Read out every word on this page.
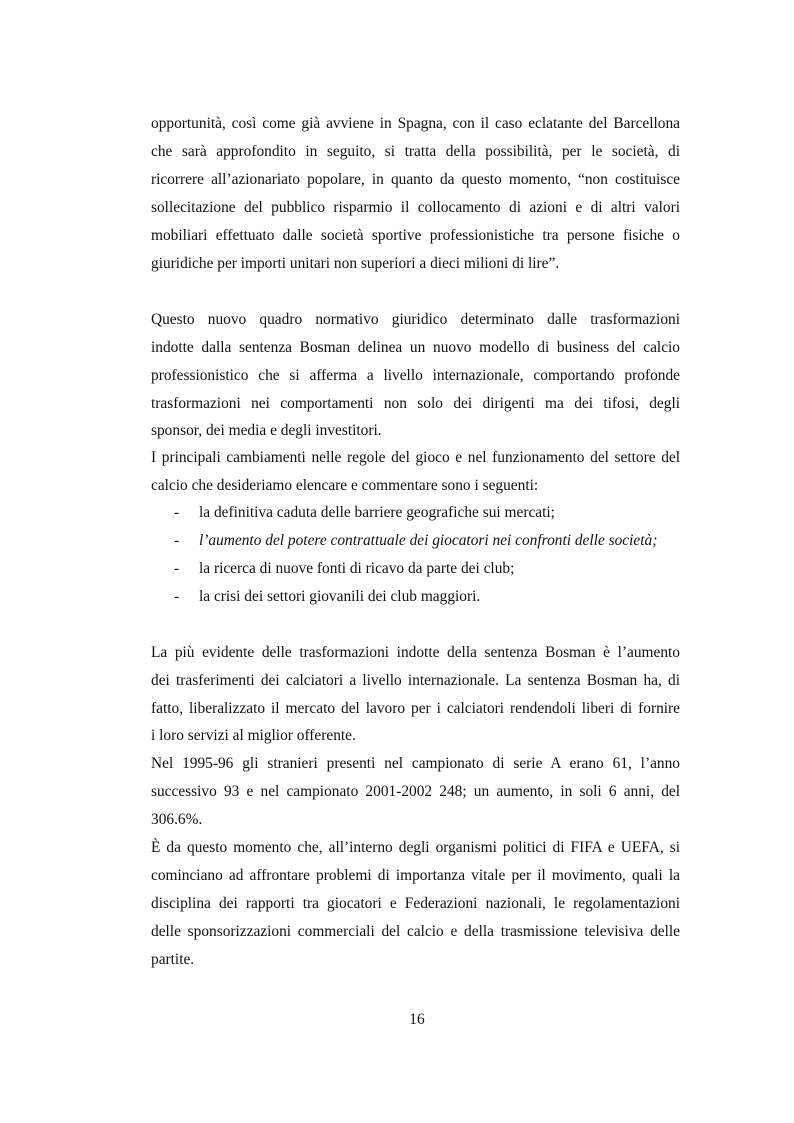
opportunità, così come già avviene in Spagna, con il caso eclatante del Barcellona
che sarà approfondito in seguito, si tratta della possibilità, per le società, di
ricorrere all’azionariato popolare, in quanto da questo momento, “non costituisce
sollecitazione del pubblico risparmio il collocamento di azioni e di altri valori
mobiliari effettuato dalle società sportive professionistiche tra persone fisiche o
giuridiche per importi unitari non superiori a dieci milioni di lire”.
Questo nuovo quadro normativo giuridico determinato dalle trasformazioni
indotte dalla sentenza Bosman delinea un nuovo modello di business del calcio
professionistico che si afferma a livello internazionale, comportando profonde
trasformazioni nei comportamenti non solo dei dirigenti ma dei tifosi, degli
sponsor, dei media e degli investitori.
I principali cambiamenti nelle regole del gioco e nel funzionamento del settore del
calcio che desideriamo elencare e commentare sono i seguenti:
- la definitiva caduta delle barriere geografiche sui mercati;
- l’aumento del potere contrattuale dei giocatori nei confronti delle società;
- la ricerca di nuove fonti di ricavo da parte dei club;
- la crisi dei settori giovanili dei club maggiori.
La più evidente delle trasformazioni indotte della sentenza Bosman è l’aumento
dei trasferimenti dei calciatori a livello internazionale. La sentenza Bosman ha, di
fatto, liberalizzato il mercato del lavoro per i calciatori rendendoli liberi di fornire
i loro servizi al miglior offerente.
Nel 1995-96 gli stranieri presenti nel campionato di serie A erano 61, l’anno
successivo 93 e nel campionato 2001-2002 248; un aumento, in soli 6 anni, del
306.6%.
È da questo momento che, all’interno degli organismi politici di FIFA e UEFA, si
cominciano ad affrontare problemi di importanza vitale per il movimento, quali la
disciplina dei rapporti tra giocatori e Federazioni nazionali, le regolamentazioni
delle sponsorizzazioni commerciali del calcio e della trasmissione televisiva delle
partite.
16
